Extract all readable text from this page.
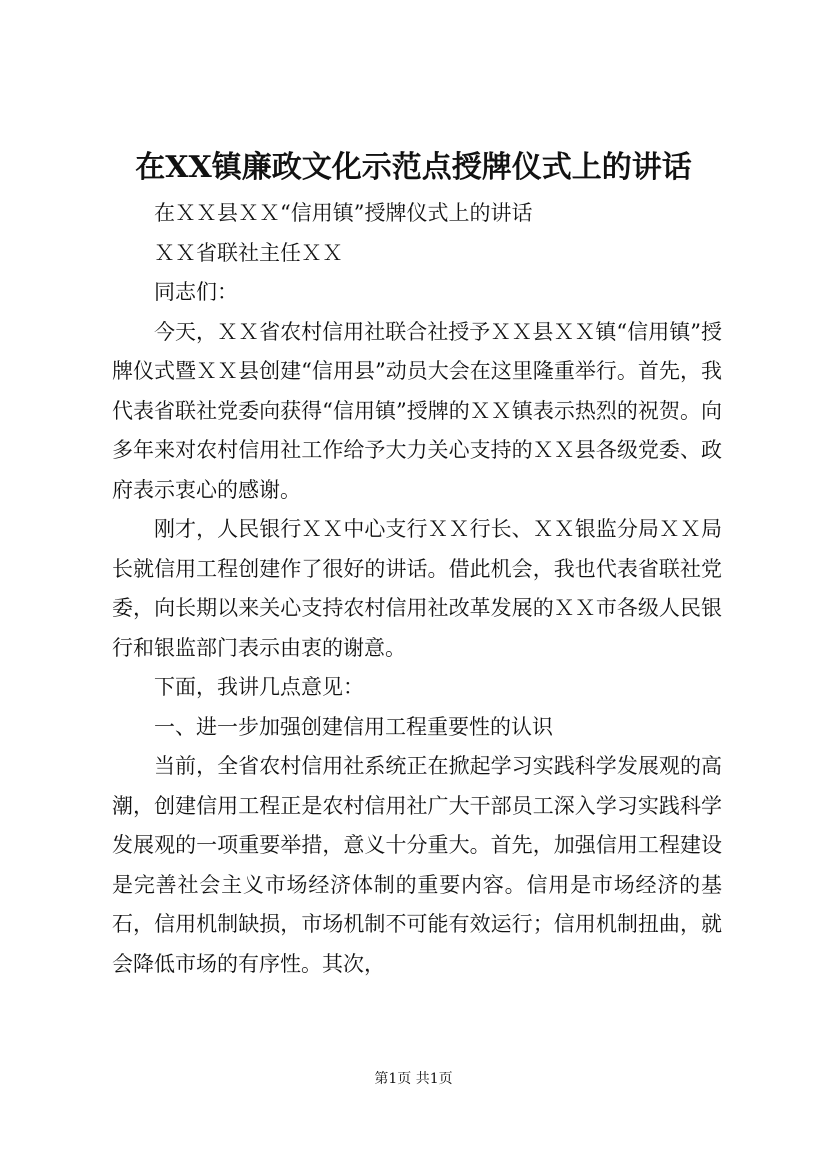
在XX镇廉政文化示范点授牌仪式上的讲话

在ＸＸ县ＸＸ“信用镇”授牌仪式上的讲话

ＸＸ省联社主任ＸＸ

同志们：

今天，ＸＸ省农村信用社联合社授予ＸＸ县ＸＸ镇“信用镇”授牌仪式暨ＸＸ县创建“信用县”动员大会在这里隆重举行。首先，我代表省联社党委向获得“信用镇”授牌的ＸＸ镇表示热烈的祝贺。向多年来对农村信用社工作给予大力关心支持的ＸＸ县各级党委、政府表示衷心的感谢。

刚才，人民银行ＸＸ中心支行ＸＸ行长、ＸＸ银监分局ＸＸ局长就信用工程创建作了很好的讲话。借此机会，我也代表省联社党委，向长期以来关心支持农村信用社改革发展的ＸＸ市各级人民银行和银监部门表示由衷的谢意。

下面，我讲几点意见：

一、进一步加强创建信用工程重要性的认识

当前，全省农村信用社系统正在掀起学习实践科学发展观的高潮，创建信用工程正是农村信用社广大干部员工深入学习实践科学发展观的一项重要举措，意义十分重大。首先，加强信用工程建设是完善社会主义市场经济体制的重要内容。信用是市场经济的基石，信用机制缺损，市场机制不可能有效运行；信用机制扭曲，就会降低市场的有序性。其次，

第1页 共1页
